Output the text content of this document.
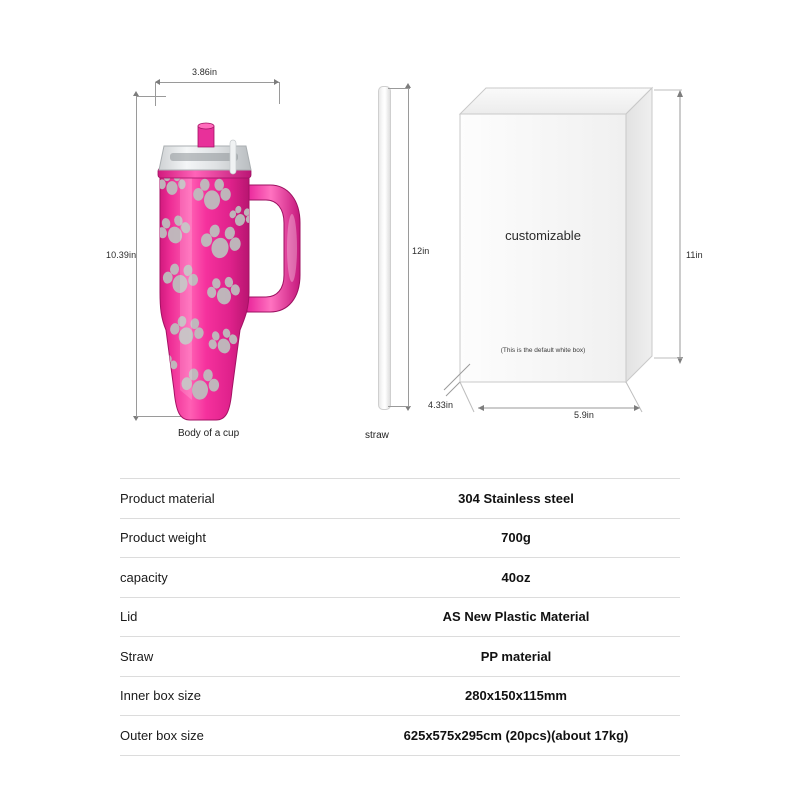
3.86in
10.39in
Body of a cup
12in
straw
customizable
(This is the default white box)
4.33in
5.9in
11in
Product material	304 Stainless steel
Product weight	700g
capacity	40oz
Lid	AS New Plastic Material
Straw	PP material
Inner box size	280x150x115mm
Outer box size	625x575x295cm (20pcs)(about 17kg)
